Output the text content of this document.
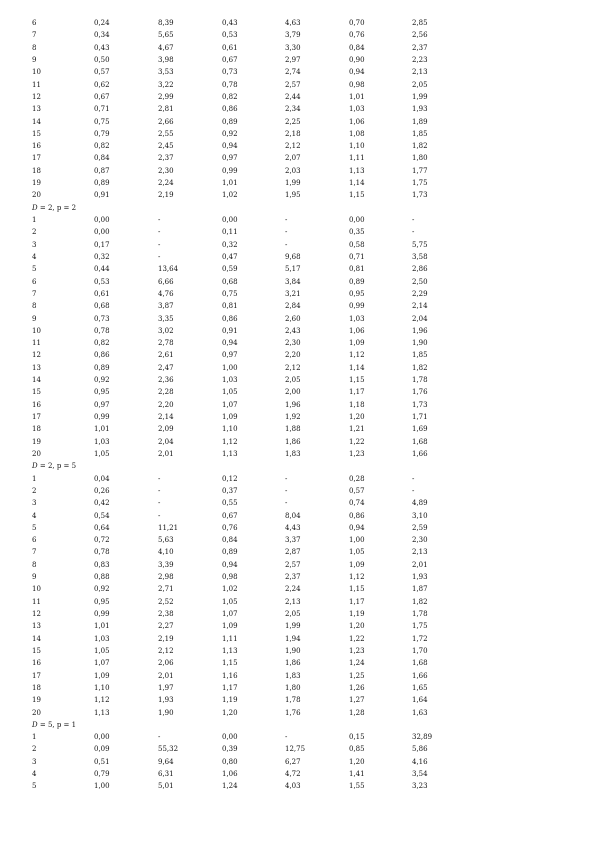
6	0,24	8,39	0,43	4,63	0,70	2,85
7	0,34	5,65	0,53	3,79	0,76	2,56
8	0,43	4,67	0,61	3,30	0,84	2,37
9	0,50	3,98	0,67	2,97	0,90	2,23
10	0,57	3,53	0,73	2,74	0,94	2,13
11	0,62	3,22	0,78	2,57	0,98	2,05
12	0,67	2,99	0,82	2,44	1,01	1,99
13	0,71	2,81	0,86	2,34	1,03	1,93
14	0,75	2,66	0,89	2,25	1,06	1,89
15	0,79	2,55	0,92	2,18	1,08	1,85
16	0,82	2,45	0,94	2,12	1,10	1,82
17	0,84	2,37	0,97	2,07	1,11	1,80
18	0,87	2,30	0,99	2,03	1,13	1,77
19	0,89	2,24	1,01	1,99	1,14	1,75
20	0,91	2,19	1,02	1,95	1,15	1,73
D = 2, p = 2
1	0,00	-	0,00	-	0,00	-
2	0,00	-	0,11	-	0,35	-
3	0,17	-	0,32	-	0,58	5,75
4	0,32	-	0,47	9,68	0,71	3,58
5	0,44	13,64	0,59	5,17	0,81	2,86
6	0,53	6,66	0,68	3,84	0,89	2,50
7	0,61	4,76	0,75	3,21	0,95	2,29
8	0,68	3,87	0,81	2,84	0,99	2,14
9	0,73	3,35	0,86	2,60	1,03	2,04
10	0,78	3,02	0,91	2,43	1,06	1,96
11	0,82	2,78	0,94	2,30	1,09	1,90
12	0,86	2,61	0,97	2,20	1,12	1,85
13	0,89	2,47	1,00	2,12	1,14	1,82
14	0,92	2,36	1,03	2,05	1,15	1,78
15	0,95	2,28	1,05	2,00	1,17	1,76
16	0,97	2,20	1,07	1,96	1,18	1,73
17	0,99	2,14	1,09	1,92	1,20	1,71
18	1,01	2,09	1,10	1,88	1,21	1,69
19	1,03	2,04	1,12	1,86	1,22	1,68
20	1,05	2,01	1,13	1,83	1,23	1,66
D = 2, p = 5
1	0,04	-	0,12	-	0,28	-
2	0,26	-	0,37	-	0,57	-
3	0,42	-	0,55	-	0,74	4,89
4	0,54	-	0,67	8,04	0,86	3,10
5	0,64	11,21	0,76	4,43	0,94	2,59
6	0,72	5,63	0,84	3,37	1,00	2,30
7	0,78	4,10	0,89	2,87	1,05	2,13
8	0,83	3,39	0,94	2,57	1,09	2,01
9	0,88	2,98	0,98	2,37	1,12	1,93
10	0,92	2,71	1,02	2,24	1,15	1,87
11	0,95	2,52	1,05	2,13	1,17	1,82
12	0,99	2,38	1,07	2,05	1,19	1,78
13	1,01	2,27	1,09	1,99	1,20	1,75
14	1,03	2,19	1,11	1,94	1,22	1,72
15	1,05	2,12	1,13	1,90	1,23	1,70
16	1,07	2,06	1,15	1,86	1,24	1,68
17	1,09	2,01	1,16	1,83	1,25	1,66
18	1,10	1,97	1,17	1,80	1,26	1,65
19	1,12	1,93	1,19	1,78	1,27	1,64
20	1,13	1,90	1,20	1,76	1,28	1,63
D = 5, p = 1
1	0,00	-	0,00	-	0,15	32,89
2	0,09	55,32	0,39	12,75	0,85	5,86
3	0,51	9,64	0,80	6,27	1,20	4,16
4	0,79	6,31	1,06	4,72	1,41	3,54
5	1,00	5,01	1,24	4,03	1,55	3,23
